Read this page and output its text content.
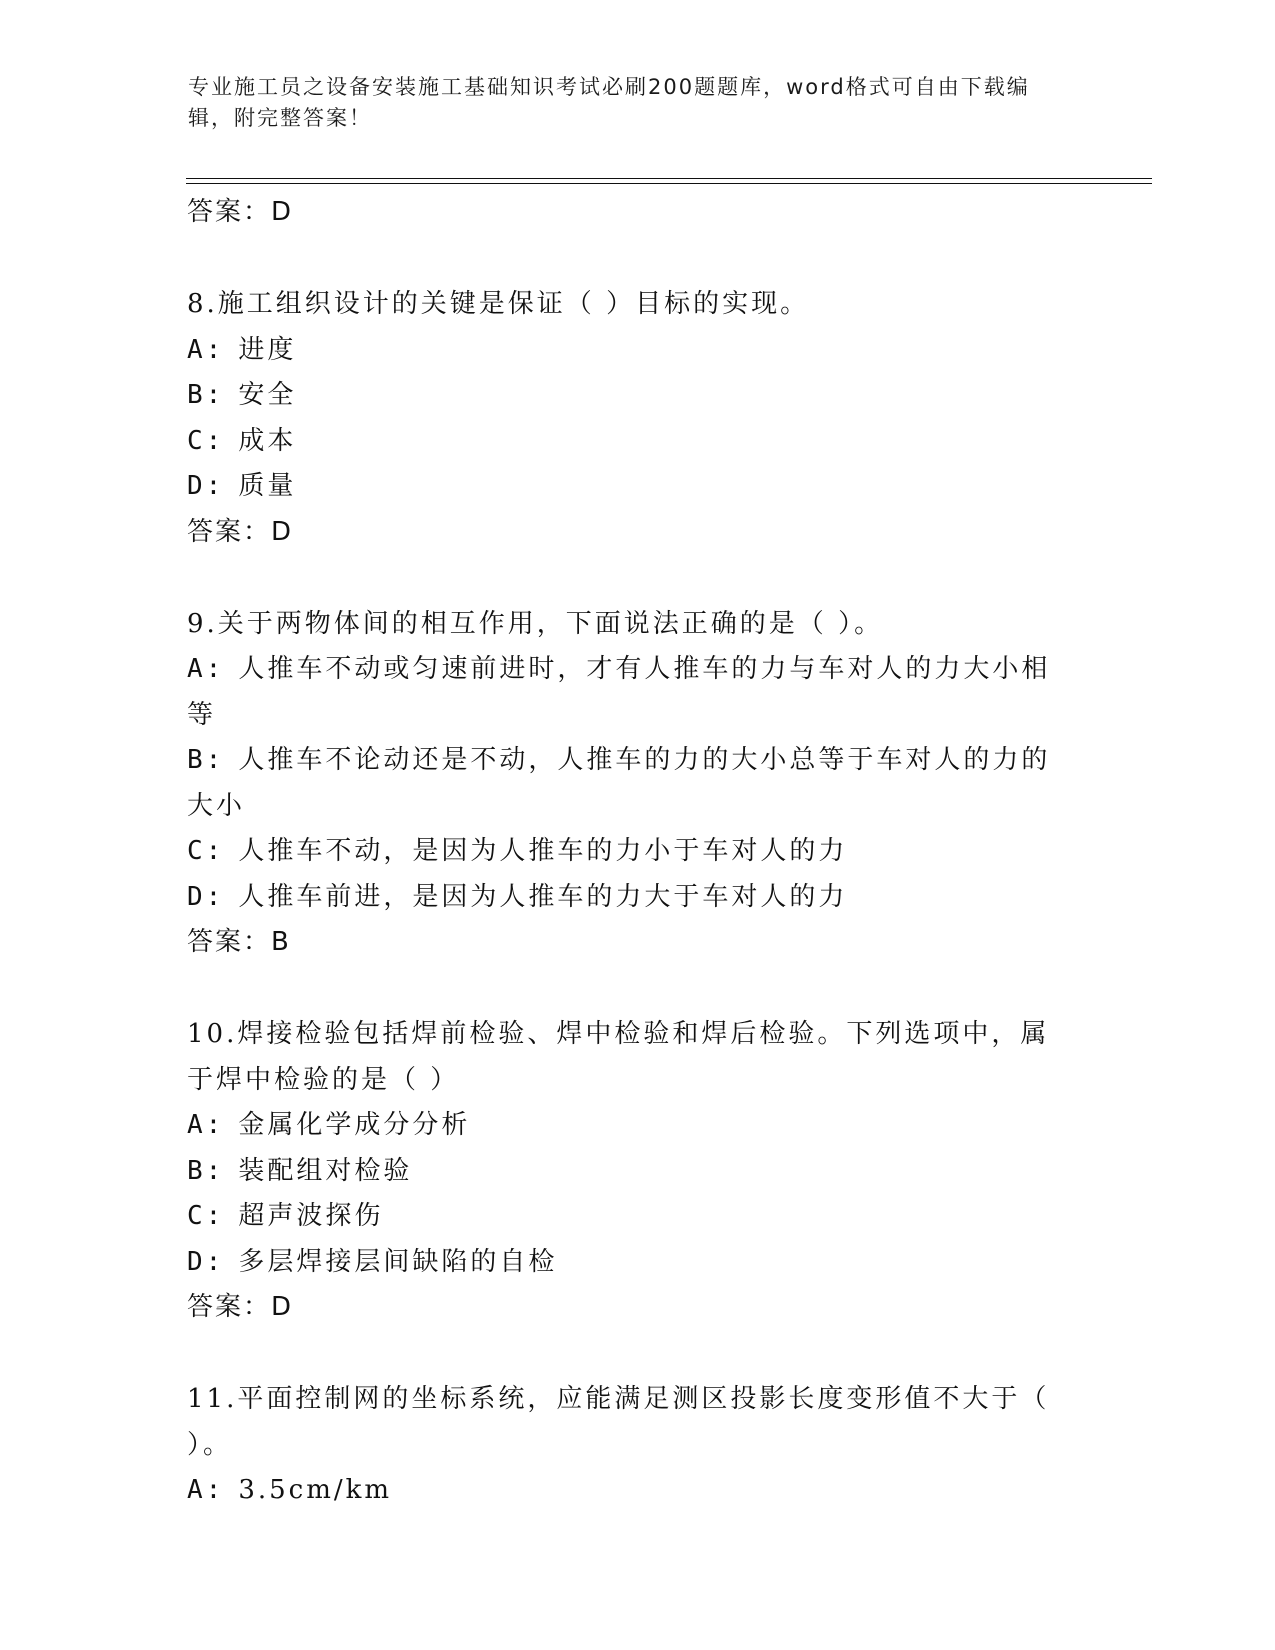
专业施工员之设备安装施工基础知识考试必刷200题题库，word格式可自由下载编辑，附完整答案！
答案：D
8.施工组织设计的关键是保证（ ）目标的实现。
A: 进度
B: 安全
C: 成本
D: 质量
答案：D
9.关于两物体间的相互作用，下面说法正确的是（ ）。
A: 人推车不动或匀速前进时，才有人推车的力与车对人的力大小相等
B: 人推车不论动还是不动，人推车的力的大小总等于车对人的力的大小
C: 人推车不动，是因为人推车的力小于车对人的力
D: 人推车前进，是因为人推车的力大于车对人的力
答案：B
10.焊接检验包括焊前检验、焊中检验和焊后检验。下列选项中，属于焊中检验的是（ ）
A: 金属化学成分分析
B: 装配组对检验
C: 超声波探伤
D: 多层焊接层间缺陷的自检
答案：D
11.平面控制网的坐标系统，应能满足测区投影长度变形值不大于（ ）。
A: 3.5cm/km
